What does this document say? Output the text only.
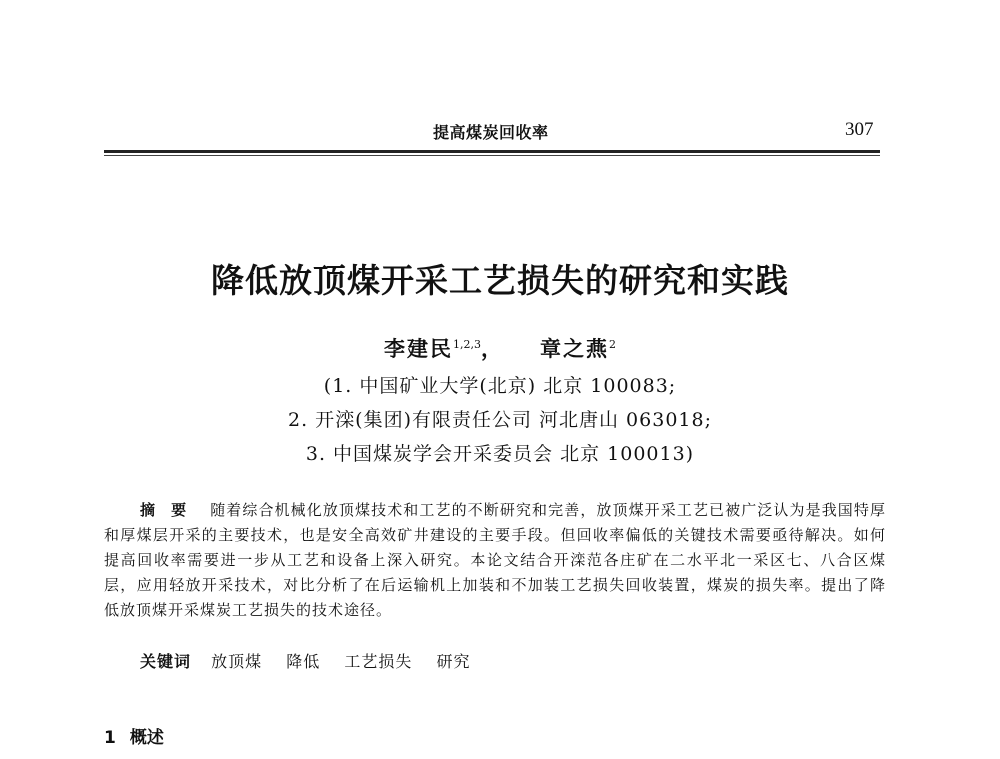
提高煤炭回收率	307
降低放顶煤开采工艺损失的研究和实践
李建民$^{1,2,3}$， 章之燕$^2$
(1. 中国矿业大学(北京) 北京 100083;
2. 开滦(集团)有限责任公司 河北唐山 063018;
3. 中国煤炭学会开采委员会 北京 100013)
摘要 随着综合机械化放顶煤技术和工艺的不断研究和完善，放顶煤开采工艺已被广泛认为是我国特厚和厚煤层开采的主要技术，也是安全高效矿井建设的主要手段。但回收率偏低的关键技术需要亟待解决。如何提高回收率需要进一步从工艺和设备上深入研究。本论文结合开滦范各庄矿在二水平北一采区七、八合区煤层，应用轻放开采技术，对比分析了在后运输机上加装和不加装工艺损失回收装置，煤炭的损失率。提出了降低放顶煤开采煤炭工艺损失的技术途径。
关键词 放顶煤 降低 工艺损失 研究
1 概述
